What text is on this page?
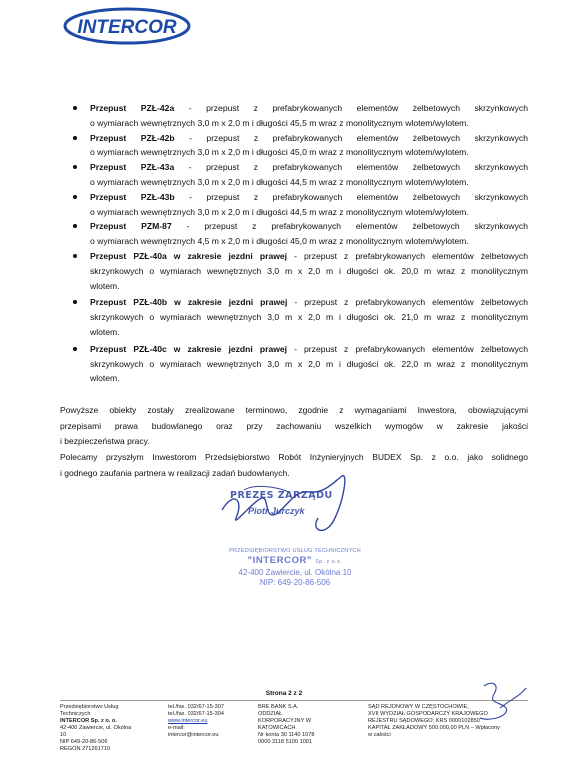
INTERCOR
Przepust PZŁ-42a - przepust z prefabrykowanych elementów żelbetowych skrzynkowych
o wymiarach wewnętrznych 3,0 m x 2,0 m i długości 45,5 m wraz z monolitycznym wlotem/wylotem.
Przepust PZŁ-42b - przepust z prefabrykowanych elementów żelbetowych skrzynkowych
o wymiarach wewnętrznych 3,0 m x 2,0 m i długości 45,0 m wraz z monolitycznym wlotem/wylotem.
Przepust PZŁ-43a - przepust z prefabrykowanych elementów żelbetowych skrzynkowych
o wymiarach wewnętrznych 3,0 m x 2,0 m i długości 44,5 m wraz z monolitycznym wlotem/wylotem.
Przepust PZŁ-43b - przepust z prefabrykowanych elementów żelbetowych skrzynkowych
o wymiarach wewnętrznych 3,0 m x 2,0 m i długości 44,5 m wraz z monolitycznym wlotem/wylotem.
Przepust PZM-87 - przepust z prefabrykowanych elementów żelbetowych skrzynkowych
o wymiarach wewnętrznych 4,5 m x 2,0 m i długości 45,0 m wraz z monolitycznym wlotem/wylotem.
Przepust PZŁ-40a w zakresie jezdni prawej - przepust z prefabrykowanych elementów żelbetowych
skrzynkowych o wymiarach wewnętrznych 3,0 m x 2,0 m i długości ok. 20,0 m wraz z monolitycznym
wlotem.
Przepust PZŁ-40b w zakresie jezdni prawej - przepust z prefabrykowanych elementów żelbetowych
skrzynkowych o wymiarach wewnętrznych 3,0 m x 2,0 m i długości ok. 21,0 m wraz z monolitycznym
wlotem.
Przepust PZŁ-40c w zakresie jezdni prawej - przepust z prefabrykowanych elementów żelbetowych
skrzynkowych o wymiarach wewnętrznych 3,0 m x 2,0 m i długości ok. 22,0 m wraz z monolitycznym
wlotem.
Powyższe obiekty zostały zrealizowane terminowo, zgodnie z wymaganiami Inwestora, obowiązującymi
przepisami prawa budowlanego oraz przy zachowaniu wszelkich wymogów w zakresie jakości
i bezpieczeństwa pracy.
Polecamy przyszłym Inwestorom Przedsiębiorstwo Robót Inżynieryjnych BUDEX Sp. z o.o. jako solidnego
i godnego zaufania partnera w realizacji zadań budowlanych.
PREZES ZARZĄDU
Piotr Jurczyk
PRZEDSIĘBIORSTWO USŁUG TECHNICZNYCH
"INTERCOR" Sp. z o.o.
42-400 Zawiercie, ul. Okólna 10
NIP: 649-20-86-506
Strona 2 z 2
Przedsiębiorstwo Usług
Techniczych
INTERCOR Sp. z o. o.
42-400 Zawiercie, ul. Okólna
10
NIP 649-20-86-506
REGON 271261710
tel./fax. 032/67-15-307
tel./fax. 032/67-15-304
www.intercor.eu
e-mail:
intercor@intercor.eu
BRE BANK S.A.
ODDZIAŁ
KORPORACYJNY W
KATOWICACH
Nr konta 30 1140 1078
0000 3118 5100 1001
SĄD REJONOWY W CZĘSTOCHOWIE,
XVII WYDZIAŁ GOSPODARCZY KRAJOWEGO
REJESTRU SĄDOWEGO; KRS 0000102850
KAPITAŁ ZAKŁADOWY 500.000,00 PLN – Wpłacony
w całości
